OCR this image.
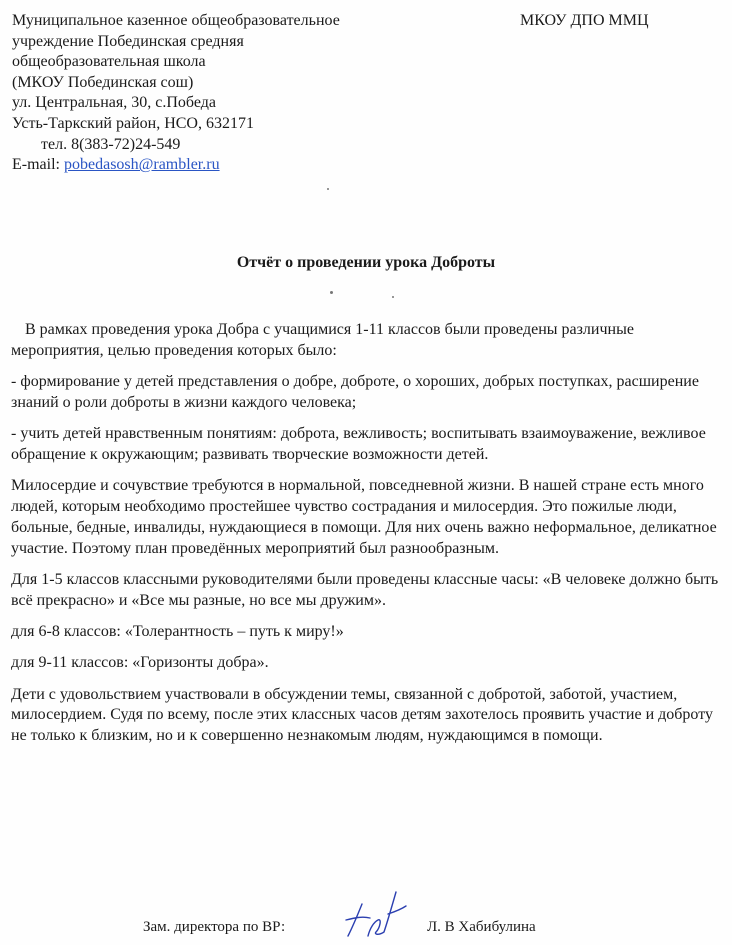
Муниципальное казенное общеобразовательное
учреждение Побединская средняя
общеобразовательная школа
(МКОУ Побединская сош)
ул. Центральная, 30, с.Победа
Усть-Таркский район, НСО, 632171
тел. 8(383-72)24-549
E-mail: pobedasosh@rambler.ru
МКОУ ДПО ММЦ
Отчёт о проведении урока Доброты

В рамках проведения урока Добра с учащимися 1-11 классов были проведены различные мероприятия, целью проведения которых было:

- формирование у детей представления о добре, доброте, о хороших, добрых поступках, расширение знаний о роли доброты в жизни каждого человека;

- учить детей нравственным понятиям: доброта, вежливость; воспитывать взаимоуважение, вежливое обращение к окружающим; развивать творческие возможности детей.

Милосердие и сочувствие требуются в нормальной, повседневной жизни. В нашей стране есть много людей, которым необходимо простейшее чувство сострадания и милосердия. Это пожилые люди, больные, бедные, инвалиды, нуждающиеся в помощи. Для них очень важно неформальное, деликатное участие. Поэтому план проведённых мероприятий был разнообразным.

Для 1-5 классов классными руководителями были проведены классные часы: «В человеке должно быть всё прекрасно» и «Все мы разные, но все мы дружим».

для 6-8 классов: «Толерантность – путь к миру!»

для 9-11 классов: «Горизонты добра».

Дети с удовольствием участвовали в обсуждении темы, связанной с добротой, заботой, участием, милосердием. Судя по всему, после этих классных часов детям захотелось проявить участие и доброту не только к близким, но и к совершенно незнакомым людям, нуждающимся в помощи.

Зам. директора по ВР:	Л. В Хабибулина
